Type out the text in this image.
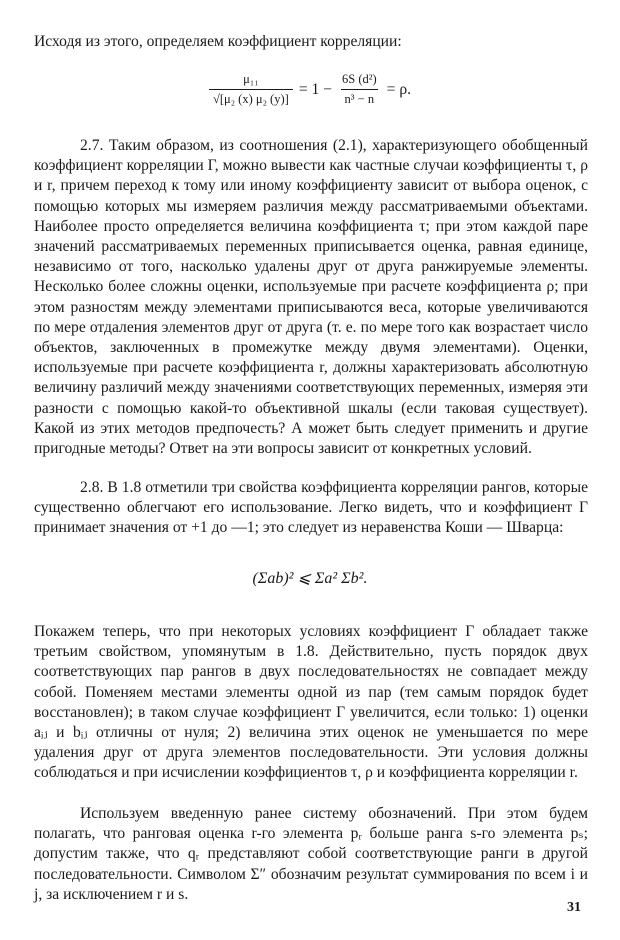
Исходя из этого, определяем коэффициент корреляции:

$\frac{\text{μ₁₁}}{\text{√[μ₂ (x) μ₂ (y)]}} = 1 - \frac{\text{6S (d²)}}{\text{n³ − n}} = \rho$.

2.7. Таким образом, из соотношения (2.1), характеризующего обобщенный коэффициент корреляции Γ, можно вывести как частные случаи коэффициенты τ, ρ и r, причем переход к тому или иному коэффициенту зависит от выбора оценок, с помощью которых мы измеряем различия между рассматриваемыми объектами. Наиболее просто определяется величина коэффициента τ; при этом каждой паре значений рассматриваемых переменных приписывается оценка, равная единице, независимо от того, насколько удалены друг от друга ранжируемые элементы. Несколько более сложны оценки, используемые при расчете коэффициента ρ; при этом разностям между элементами приписываются веса, которые увеличиваются по мере отдаления элементов друг от друга (т. е. по мере того как возрастает число объектов, заключенных в промежутке между двумя элементами). Оценки, используемые при расчете коэффициента r, должны характеризовать абсолютную величину различий между значениями соответствующих переменных, измеряя эти разности с помощью какой-то объективной шкалы (если таковая существует). Какой из этих методов предпочесть? А может быть следует применить и другие пригодные методы? Ответ на эти вопросы зависит от конкретных условий.

2.8. В 1.8 отметили три свойства коэффициента корреляции рангов, которые существенно облегчают его использование. Легко видеть, что и коэффициент Γ принимает значения от +1 до —1; это следует из неравенства Коши — Шварца:

(Σab)² ⩽ Σa² Σb².

Покажем теперь, что при некоторых условиях коэффициент Γ обладает также третьим свойством, упомянутым в 1.8. Действительно, пусть порядок двух соответствующих пар рангов в двух последовательностях не совпадает между собой. Поменяем местами элементы одной из пар (тем самым порядок будет восстановлен); в таком случае коэффициент Γ увеличится, если только: 1) оценки aᵢⱼ и bᵢⱼ отличны от нуля; 2) величина этих оценок не уменьшается по мере удаления друг от друга элементов последовательности. Эти условия должны соблюдаться и при исчислении коэффициентов τ, ρ и коэффициента корреляции r.

Используем введенную ранее систему обозначений. При этом будем полагать, что ранговая оценка r-го элемента pᵣ больше ранга s-го элемента pₛ; допустим также, что qᵣ представляют собой соответствующие ранги в другой последовательности. Символом Σ″ обозначим результат суммирования по всем i и j, за исключением r и s.

31
